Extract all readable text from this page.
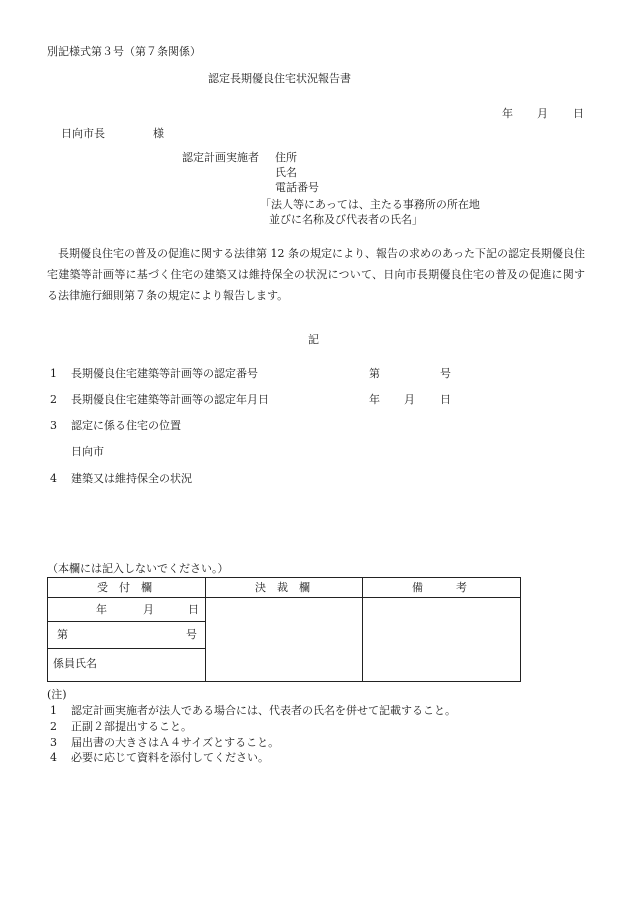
別記様式第３号（第７条関係）
認定長期優良住宅状況報告書
年 月 日
日向市長	様
認定計画実施者 住所
氏名
電話番号
「法人等にあっては、主たる事務所の所在地
並びに名称及び代表者の氏名」

長期優良住宅の普及の促進に関する法律第 12 条の規定により、報告の求めのあった下記の認定長期優良住宅建築等計画等に基づく住宅の建築又は維持保全の状況について、日向市長期優良住宅の普及の促進に関する法律施行細則第７条の規定により報告します。

記
1 長期優良住宅建築等計画等の認定番号	第	号
2 長期優良住宅建築等計画等の認定年月日	年 月 日
3 認定に係る住宅の位置
日向市
4 建築又は維持保全の状況
（本欄には記入しないでください。）
受　付　欄	決　裁　欄	備　　　考
年	月	日
第	号
係員氏名
(注)
1 認定計画実施者が法人である場合には、代表者の氏名を併せて記載すること。
2 正副２部提出すること。
3 届出書の大きさはＡ４サイズとすること。
4 必要に応じて資料を添付してください。
